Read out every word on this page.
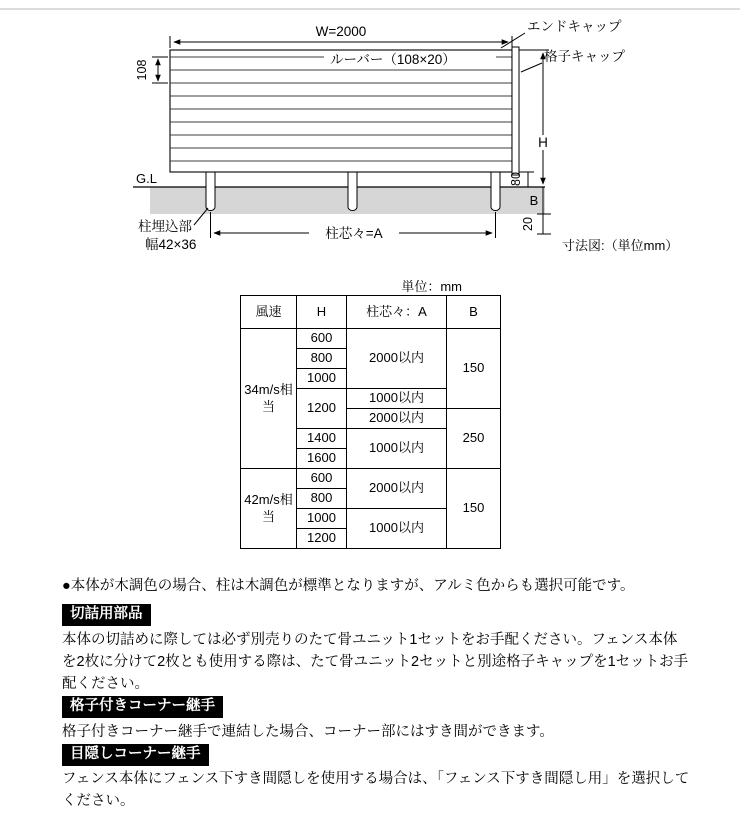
W=2000
ルーバー（108×20）
エンドキャップ
格子キャップ
108
G.L
H
80
B
20
柱芯々=A
柱埋込部
幅42×36	寸法図:（単位mm）
単位：mm
風速	H	柱芯々：A	B
34m/s相当	600	2000以内	150
	800		
	1000		
	1200	1000以内	
		2000以内	250
	1400	1000以内	
	1600		
42m/s相当	600	2000以内	150
	800		
	1000	1000以内	
	1200		
●本体が木調色の場合、柱は木調色が標準となりますが、アルミ色からも選択可能です。
切詰用部品
本体の切詰めに際しては必ず別売りのたて骨ユニット1セットをお手配ください。フェンス本体を2枚に分けて2枚とも使用する際は、たて骨ユニット2セットと別途格子キャップを1セットお手配ください。
格子付きコーナー継手
格子付きコーナー継手で連結した場合、コーナー部にはすき間ができます。
目隠しコーナー継手
フェンス本体にフェンス下すき間隠しを使用する場合は、「フェンス下すき間隠し用」を選択してください。
